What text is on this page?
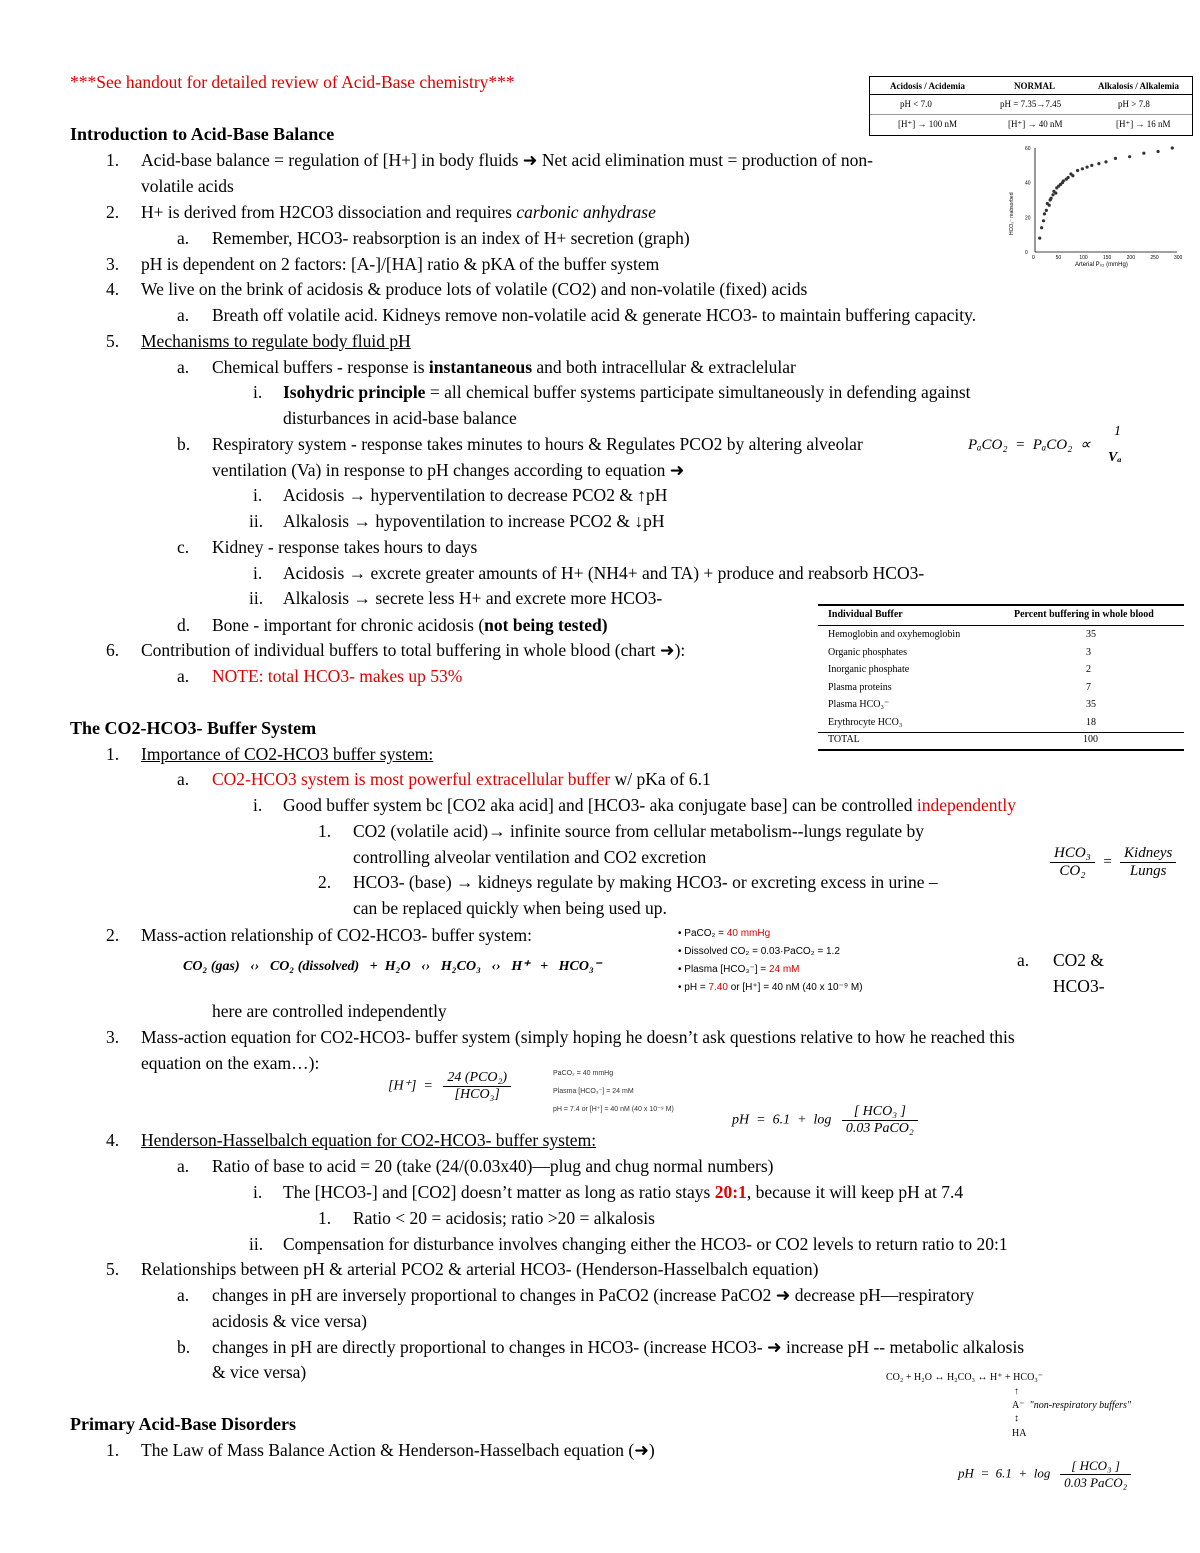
***See handout for detailed review of Acid-Base chemistry***	Acidosis / Acidemia	NORMAL	Alkalosis / Alkalemia
pH < 7.0	pH = 7.35→7.45	pH > 7.8
[H⁺] → 100 nM	[H⁺] → 40 nM	[H⁺] → 16 nM
0	50	100	150	200	250	300
60
40
20
0
HCO₃⁻ reabsorbed
Arterial P₀₂ (mmHg)
Introduction to Acid-Base Balance
1. Acid-base balance = regulation of [H+] in body fluids ➜ Net acid elimination must = production of non-
volatile acids
2. H+ is derived from H2CO3 dissociation and requires carbonic anhydrase
a. Remember, HCO3- reabsorption is an index of H+ secretion (graph)
3. pH is dependent on 2 factors: [A-]/[HA] ratio & pKA of the buffer system
4. We live on the brink of acidosis & produce lots of volatile (CO2) and non-volatile (fixed) acids
a. Breath off volatile acid. Kidneys remove non-volatile acid & generate HCO3- to maintain buffering capacity.
5. Mechanisms to regulate body fluid pH
a. Chemical buffers - response is instantaneous and both intracellular & extraclelular
i. Isohydric principle = all chemical buffer systems participate simultaneously in defending against
disturbances in acid-base balance
b. Respiratory system - response takes minutes to hours & Regulates PCO2 by altering alveolar
ventilation (Va) in response to pH changes according to equation ➜
PₐCO₂ = PₐCO₂ ∝
1
Vₐ
i. Acidosis → hyperventilation to decrease PCO2 & ↑pH
ii. Alkalosis → hypoventilation to increase PCO2 & ↓pH
c. Kidney - response takes hours to days
i. Acidosis → excrete greater amounts of H+ (NH4+ and TA) + produce and reabsorb HCO3-
ii. Alkalosis → secrete less H+ and excrete more HCO3-
d. Bone - important for chronic acidosis (not being tested)
6. Contribution of individual buffers to total buffering in whole blood (chart ➜):
a. NOTE: total HCO3- makes up 53%
Individual Buffer	Percent buffering in whole blood
Hemoglobin and oxyhemoglobin	35
Organic phosphates	3
Inorganic phosphate	2
Plasma proteins	7
Plasma HCO₃⁻	35
Erythrocyte HCO₃	18
TOTAL	100
The CO2-HCO3- Buffer System
1. Importance of CO2-HCO3 buffer system:
a. CO2-HCO3 system is most powerful extracellular buffer w/ pKa of 6.1
i. Good buffer system bc [CO2 aka acid] and [HCO3- aka conjugate base] can be controlled independently
1. CO2 (volatile acid)→ infinite source from cellular metabolism--lungs regulate by
controlling alveolar ventilation and CO2 excretion
2. HCO3- (base) → kidneys regulate by making HCO3- or excreting excess in urine –
can be replaced quickly when being used up.
$\frac{\text{HCO₃}}{\text{CO₂}} = \frac{\text{Kidneys}}{\text{Lungs}}$
2. Mass-action relationship of CO2-HCO3- buffer system:
CO₂ (gas) ‹› CO₂ (dissolved) + H₂O ‹› H₂CO₃ ‹› H⁺ + HCO₃⁻
• PaCO₂ = 40 mmHg
• Dissolved CO₂ = 0.03·PaCO₂ = 1.2
• Plasma [HCO₃⁻] = 24 mM
• pH = 7.40 or [H⁺] = 40 nM (40 x 10⁻⁹ M)
a. CO2 &
HCO3-
here are controlled independently
3. Mass-action equation for CO2-HCO3- buffer system (simply hoping he doesn’t ask questions relative to how he reached this
equation on the exam…):
$[H^+] = \frac{\text{24 (PCO₂)}}{\text{[HCO₃]}}$	PaCO₂ = 40 mmHg
Plasma [HCO₃⁻] = 24 mM
pH = 7.4 or [H⁺] = 40 nM (40 x 10⁻⁹ M)
pH = $6.1 + \log \frac{\text{[ HCO₃ ]}}{\text{0.03 PaCO₂}}$
4. Henderson-Hasselbalch equation for CO2-HCO3- buffer system:
a. Ratio of base to acid = 20 (take (24/(0.03x40)—plug and chug normal numbers)
i. The [HCO3-] and [CO2] doesn’t matter as long as ratio stays 20:1, because it will keep pH at 7.4
1. Ratio < 20 = acidosis; ratio >20 = alkalosis
ii. Compensation for disturbance involves changing either the HCO3- or CO2 levels to return ratio to 20:1
5. Relationships between pH & arterial PCO2 & arterial HCO3- (Henderson-Hasselbalch equation)
a. changes in pH are inversely proportional to changes in PaCO2 (increase PaCO2 ➜ decrease pH—respiratory
acidosis & vice versa)
b. changes in pH are directly proportional to changes in HCO3- (increase HCO3- ➜ increase pH -- metabolic alkalosis
& vice versa)	CO₂ + H₂O ↔ H₂CO₃ ↔ H⁺ + HCO₃⁻
↑
A⁻ "non-respiratory buffers"
↕
HA
Primary Acid-Base Disorders
1. The Law of Mass Balance Action & Henderson-Hasselbach equation (➜)
pH = $6.1 + \log \frac{\text{[ HCO₃ ]}}{\text{0.03 PaCO₂}}$
